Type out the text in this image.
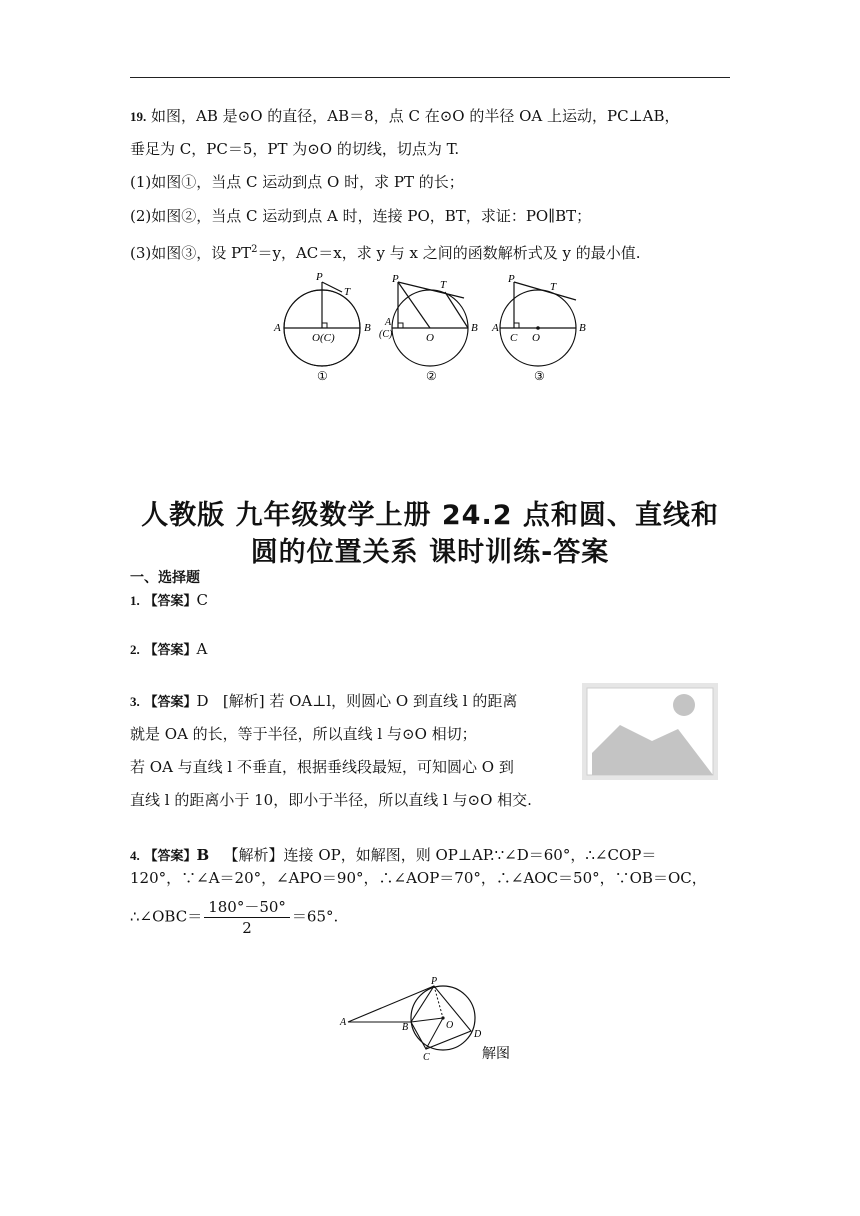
19. 如图，AB 是⊙O 的直径，AB＝8，点 C 在⊙O 的半径 OA 上运动，PC⊥AB，
垂足为 C，PC＝5，PT 为⊙O 的切线，切点为 T.
(1)如图①，当点 C 运动到点 O 时，求 PT 的长；
(2)如图②，当点 C 运动到点 A 时，连接 PO，BT，求证：PO∥BT；
(3)如图③，设 $PT^2=y$，AC＝x，求 y 与 x 之间的函数解析式及 y 的最小值.
P
T
A	B
O(C)
①
P	T
A
(C)	O
B
②
P
T
A
C O
B
③
人教版 九年级数学上册 24.2 点和圆、直线和
圆的位置关系 课时训练-答案
一、选择题
1. 【答案】C
2. 【答案】A
3. 【答案】D [解析] 若 OA⊥l，则圆心 O 到直线 l 的距离
就是 OA 的长，等于半径，所以直线 l 与⊙O 相切；
若 OA 与直线 l 不垂直，根据垂线段最短，可知圆心 O 到
直线 l 的距离小于 10，即小于半径，所以直线 l 与⊙O 相交.
4. 【答案】B 【解析】连接 OP，如解图，则 OP⊥AP.∵∠D＝60°，∴∠COP＝
120°，∵∠A＝20°，∠APO＝90°，∴∠AOP＝70°，∴∠AOC＝50°，∵OB＝OC，
∴∠OBC＝ $\frac{180^\circ-50^\circ}{2} =65^\circ$.
P
A	B	O
C
D
解图
